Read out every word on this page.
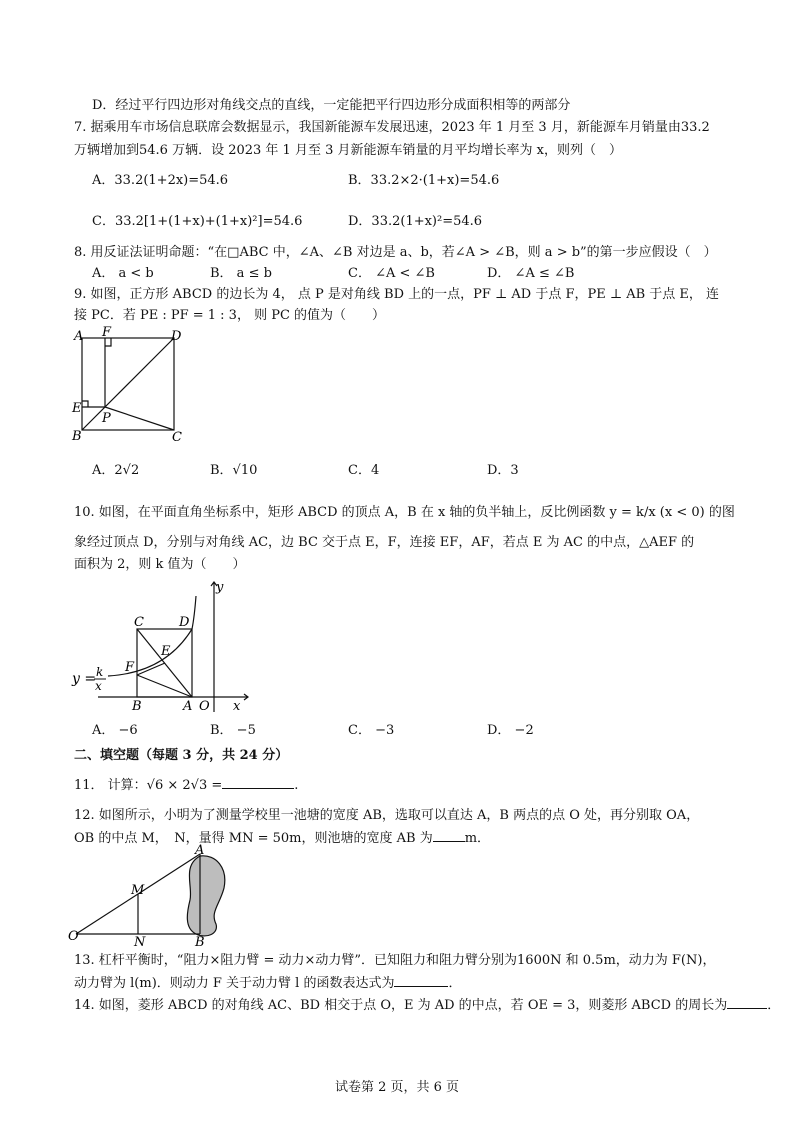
D．经过平行四边形对角线交点的直线，一定能把平行四边形分成面积相等的两部分
7. 据乘用车市场信息联席会数据显示，我国新能源车发展迅速，2023 年 1 月至 3 月，新能源车月销量由33.2
万辆增加到54.6 万辆．设 2023 年 1 月至 3 月新能源车销量的月平均增长率为 x，则列（　）
A．33.2(1+2x)=54.6	B．33.2×2·(1+x)=54.6
C．33.2[1+(1+x)+(1+x)²]=54.6	D．33.2(1+x)²=54.6
8. 用反证法证明命题：“在□ABC 中，∠A、∠B 对边是 a、b，若∠A > ∠B，则 a > b”的第一步应假设（　）
A． a < b	B． a ≤ b	C． ∠A < ∠B	D． ∠A ≤ ∠B
9. 如图，正方形 ABCD 的边长为 4， 点 P 是对角线 BD 上的一点，PF ⊥ AD 于点 F，PE ⊥ AB 于点 E， 连
接 PC．若 PE : PF = 1 : 3， 则 PC 的值为（　　）
A F	D
E
P
B	C
A．2√2	B．√10	C．4	D．3
10. 如图，在平面直角坐标系中，矩形 ABCD 的顶点 A，B 在 x 轴的负半轴上，反比例函数 y = k/x (x < 0) 的图
象经过顶点 D，分别与对角线 AC，边 BC 交于点 E，F，连接 EF，AF，若点 E 为 AC 的中点，△AEF 的
面积为 2，则 k 值为（　　）
y
C	D
E
F
y = k
x
B	A O x
A． −6	B． −5	C． −3	D． −2
二、填空题（每题 3 分，共 24 分）
11． 计算：√6 × 2√3 =	.
12. 如图所示，小明为了测量学校里一池塘的宽度 AB，选取可以直达 A，B 两点的点 O 处，再分别取 OA，
OB 的中点 M，　N，量得 MN = 50m，则池塘的宽度 AB 为 m．
A
M
O	N	B
13. 杠杆平衡时，“阻力×阻力臂 = 动力×动力臂”．已知阻力和阻力臂分别为1600N 和 0.5m，动力为 F(N)，
动力臂为 l(m)．则动力 F 关于动力臂 l 的函数表达式为	．
14. 如图，菱形 ABCD 的对角线 AC、BD 相交于点 O，E 为 AD 的中点，若 OE = 3，则菱形 ABCD 的周长为	．
试卷第 2 页，共 6 页
